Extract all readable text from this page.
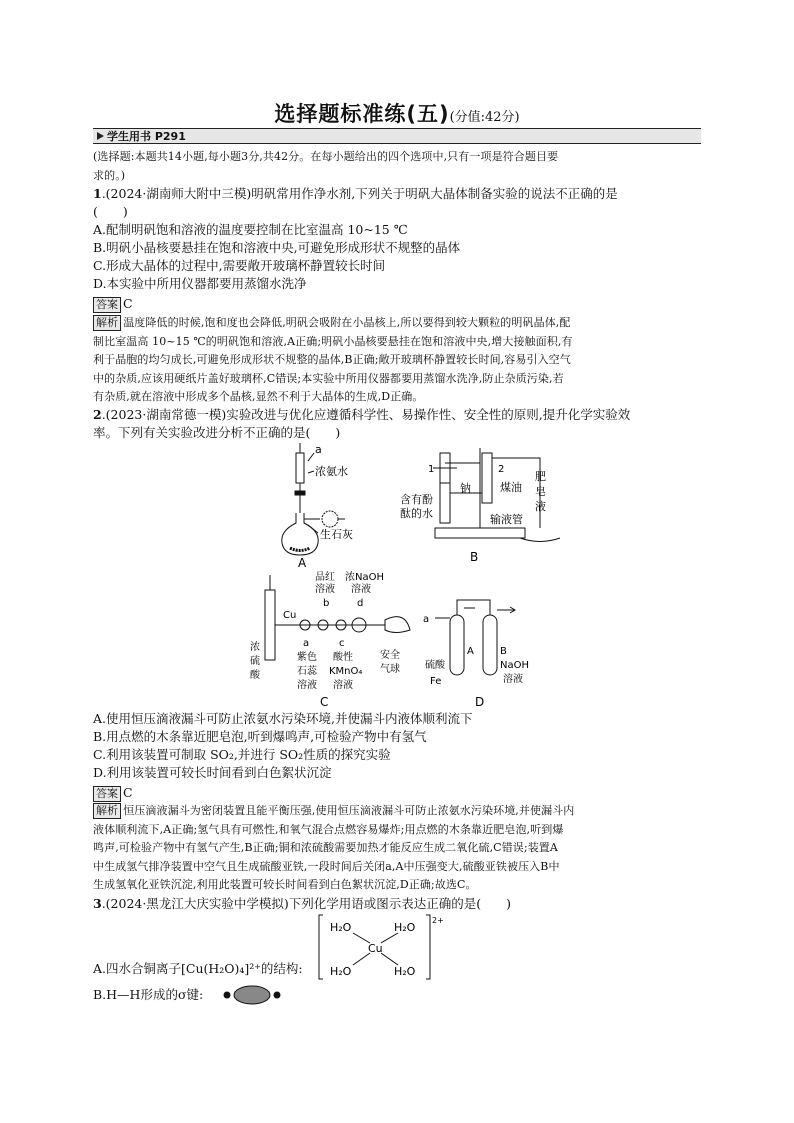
选择题标准练(五)(分值:42分)
学生用书 P291
(选择题:本题共14小题,每小题3分,共42分。在每小题给出的四个选项中,只有一项是符合题目要
求的。)
1.(2024·湖南师大附中三模)明矾常用作净水剂,下列关于明矾大晶体制备实验的说法不正确的是
(　　)
A.配制明矾饱和溶液的温度要控制在比室温高 10~15 ℃
B.明矾小晶核要悬挂在饱和溶液中央,可避免形成形状不规整的晶体
C.形成大晶体的过程中,需要敞开玻璃杯静置较长时间
D.本实验中所用仪器都要用蒸馏水洗净
答案 C
解析 温度降低的时候,饱和度也会降低,明矾会吸附在小晶核上,所以要得到较大颗粒的明矾晶体,配
制比室温高 10~15 ℃的明矾饱和溶液,A正确;明矾小晶核要悬挂在饱和溶液中央,增大接触面积,有
利于晶胞的均匀成长,可避免形成形状不规整的晶体,B正确;敞开玻璃杯静置较长时间,容易引入空气
中的杂质,应该用硬纸片盖好玻璃杯,C错误;本实验中所用仪器都要用蒸馏水洗净,防止杂质污染,若
有杂质,就在溶液中形成多个晶核,显然不利于大晶体的生成,D正确。
2.(2023·湖南常德一模)实验改进与优化应遵循科学性、易操作性、安全性的原则,提升化学实验效
率。下列有关实验改进分析不正确的是(　　)
a
浓氨水
生石灰
A
1	2
钠	煤油
含有酚
酞的水	输液管
肥
皂
液
B
品红
溶液
浓NaOH
溶液
b	d
a	c
Cu
浓
硫
酸
紫色
石蕊
溶液
酸性
KMnO₄
溶液
安全
气球
C
a
A	B
硫酸
Fe
NaOH
溶液
D
A.使用恒压滴液漏斗可防止浓氨水污染环境,并使漏斗内液体顺利流下
B.用点燃的木条靠近肥皂泡,听到爆鸣声,可检验产物中有氢气
C.利用该装置可制取 SO₂,并进行 SO₂性质的探究实验
D.利用该装置可较长时间看到白色絮状沉淀
答案 C
解析 恒压滴液漏斗为密闭装置且能平衡压强,使用恒压滴液漏斗可防止浓氨水污染环境,并使漏斗内
液体顺利流下,A正确;氢气具有可燃性,和氧气混合点燃容易爆炸;用点燃的木条靠近肥皂泡,听到爆
鸣声,可检验产物中有氢气产生,B正确;铜和浓硫酸需要加热才能反应生成二氧化硫,C错误;装置A
中生成氢气排净装置中空气且生成硫酸亚铁,一段时间后关闭a,A中压强变大,硫酸亚铁被压入B中
生成氢氧化亚铁沉淀,利用此装置可较长时间看到白色絮状沉淀,D正确;故选C。
3.(2024·黑龙江大庆实验中学模拟)下列化学用语或图示表达正确的是(　　)
A.四水合铜离子[Cu(H₂O)₄]²⁺的结构:
H₂O	H₂O
Cu
H₂O	H₂O
2+
B.H—H形成的σ键:
